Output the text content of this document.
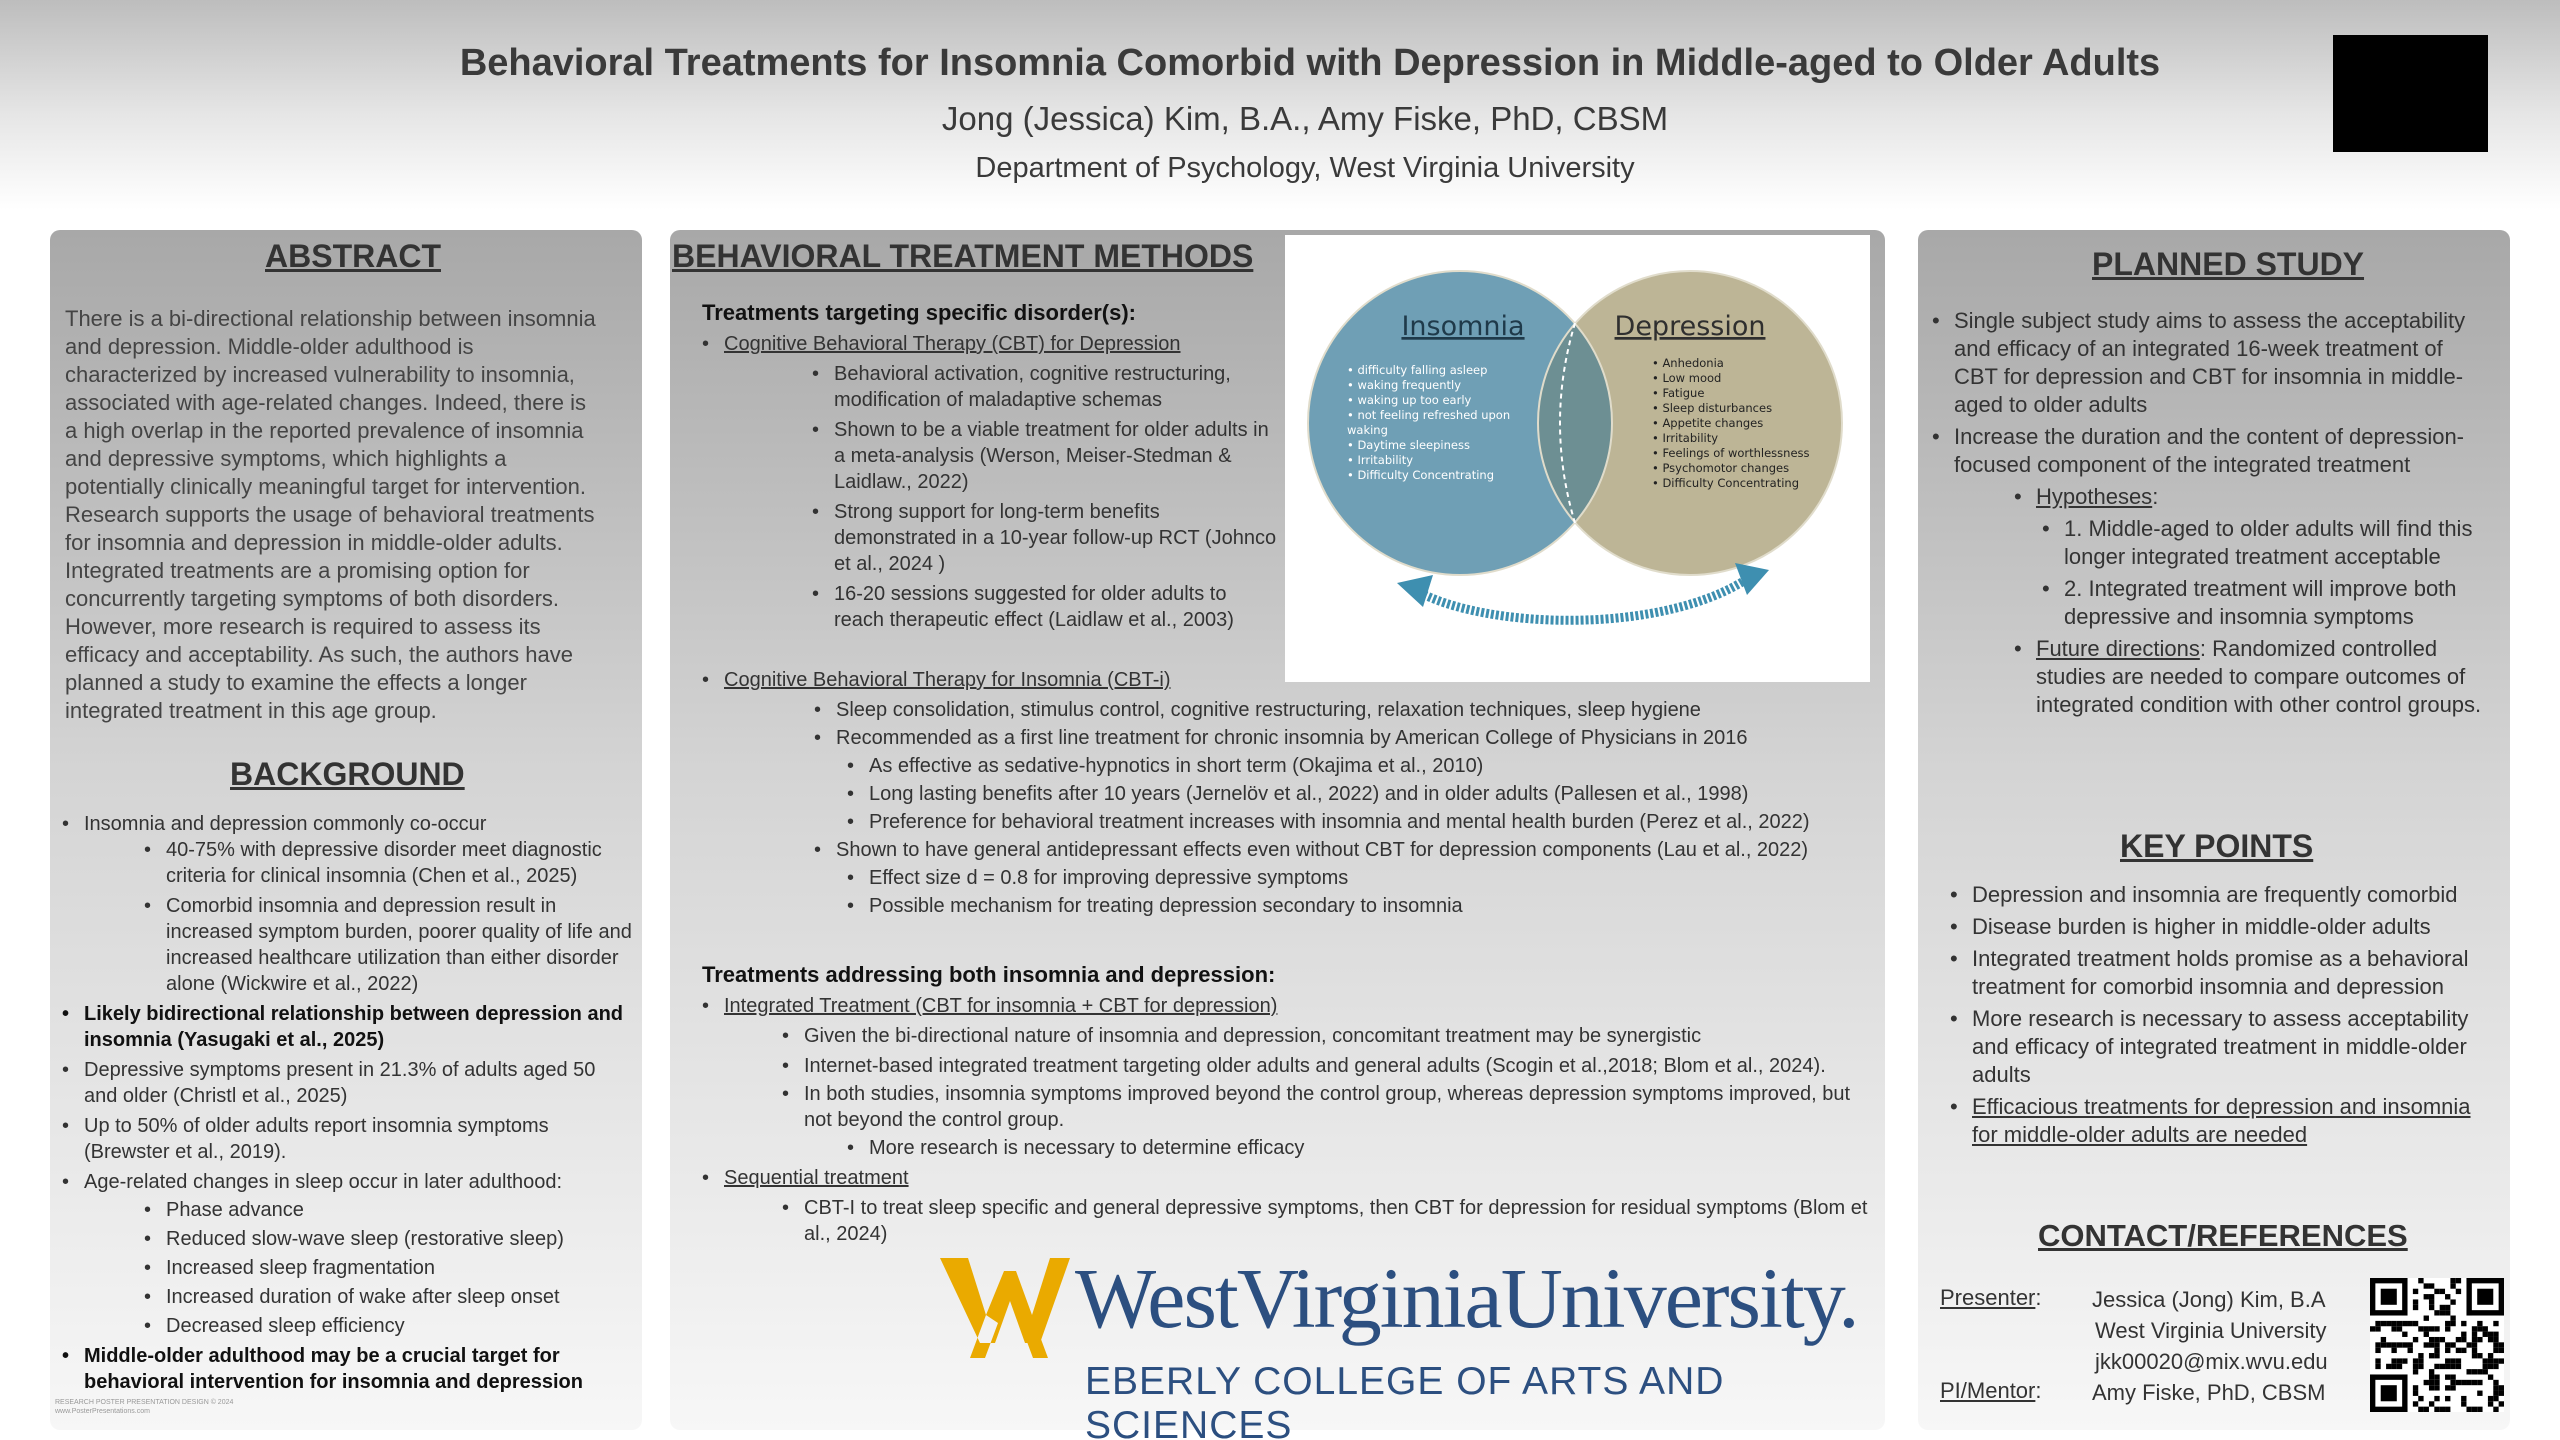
Behavioral Treatments for Insomnia Comorbid with Depression in Middle-aged to Older Adults
Jong (Jessica) Kim, B.A., Amy Fiske, PhD, CBSM
Department of Psychology, West Virginia University
ABSTRACT
There is a bi-directional relationship between insomnia
and depression. Middle-older adulthood is
characterized by increased vulnerability to insomnia,
associated with age-related changes. Indeed, there is
a high overlap in the reported prevalence of insomnia
and depressive symptoms, which highlights a
potentially clinically meaningful target for intervention.
Research supports the usage of behavioral treatments
for insomnia and depression in middle-older adults.
Integrated treatments are a promising option for
concurrently targeting symptoms of both disorders.
However, more research is required to assess its
efficacy and acceptability. As such, the authors have
planned a study to examine the effects a longer
integrated treatment in this age group.
BACKGROUND
• Insomnia and depression commonly co-occur
• 40-75% with depressive disorder meet diagnostic criteria for clinical insomnia (Chen et al., 2025)
• Comorbid insomnia and depression result in increased symptom burden, poorer quality of life and increased healthcare utilization than either disorder alone (Wickwire et al., 2022)
• Likely bidirectional relationship between depression and insomnia (Yasugaki et al., 2025)
• Depressive symptoms present in 21.3% of adults aged 50 and older (Christl et al., 2025)
• Up to 50% of older adults report insomnia symptoms (Brewster et al., 2019).
• Age-related changes in sleep occur in later adulthood:
• Phase advance
• Reduced slow-wave sleep (restorative sleep)
• Increased sleep fragmentation
• Increased duration of wake after sleep onset
• Decreased sleep efficiency
• Middle-older adulthood may be a crucial target for behavioral intervention for insomnia and depression
BEHAVIORAL TREATMENT METHODS
Treatments targeting specific disorder(s):
• Cognitive Behavioral Therapy (CBT) for Depression
• Behavioral activation, cognitive restructuring, modification of maladaptive schemas
• Shown to be a viable treatment for older adults in a meta-analysis (Werson, Meiser-Stedman & Laidlaw., 2022)
• Strong support for long-term benefits demonstrated in a 10-year follow-up RCT (Johnco et al., 2024 )
• 16-20 sessions suggested for older adults to reach therapeutic effect (Laidlaw et al., 2003)
• Cognitive Behavioral Therapy for Insomnia (CBT-i)
• Sleep consolidation, stimulus control, cognitive restructuring, relaxation techniques, sleep hygiene
• Recommended as a first line treatment for chronic insomnia by American College of Physicians in 2016
• As effective as sedative-hypnotics in short term (Okajima et al., 2010)
• Long lasting benefits after 10 years (Jernelöv et al., 2022) and in older adults (Pallesen et al., 1998)
• Preference for behavioral treatment increases with insomnia and mental health burden (Perez et al., 2022)
• Shown to have general antidepressant effects even without CBT for depression components (Lau et al., 2022)
• Effect size d = 0.8 for improving depressive symptoms
• Possible mechanism for treating depression secondary to insomnia
Treatments addressing both insomnia and depression:
• Integrated Treatment (CBT for insomnia + CBT for depression)
• Given the bi-directional nature of insomnia and depression, concomitant treatment may be synergistic
• Internet-based integrated treatment targeting older adults and general adults (Scogin et al.,2018; Blom et al., 2024).
• In both studies, insomnia symptoms improved beyond the control group, whereas depression symptoms improved, but not beyond the control group.
• More research is necessary to determine efficacy
• Sequential treatment
• CBT-I to treat sleep specific and general depressive symptoms, then CBT for depression for residual symptoms (Blom et al., 2024)
Insomnia	Depression
• difficulty falling asleep
• waking frequently
• waking up too early
• not feeling refreshed upon
waking
• Daytime sleepiness
• Irritability
• Difficulty Concentrating
• Anhedonia
• Low mood
• Fatigue
• Sleep disturbances
• Appetite changes
• Irritability
• Feelings of worthlessness
• Psychomotor changes
• Difficulty Concentrating
PLANNED STUDY
• Single subject study aims to assess the acceptability and efficacy of an integrated 16-week treatment of CBT for depression and CBT for insomnia in middle-aged to older adults
• Increase the duration and the content of depression-focused component of the integrated treatment
• Hypotheses:
• 1. Middle-aged to older adults will find this longer integrated treatment acceptable
• 2. Integrated treatment will improve both depressive and insomnia symptoms
• Future directions: Randomized controlled studies are needed to compare outcomes of integrated condition with other control groups.
KEY POINTS
• Depression and insomnia are frequently comorbid
• Disease burden is higher in middle-older adults
• Integrated treatment holds promise as a behavioral treatment for comorbid insomnia and depression
• More research is necessary to assess acceptability and efficacy of integrated treatment in middle-older adults
• Efficacious treatments for depression and insomnia for middle-older adults are needed
CONTACT/REFERENCES
Presenter: Jessica (Jong) Kim, B.A
West Virginia University
jkk00020@mix.wvu.edu
Amy Fiske, PhD, CBSM
PI/Mentor:
WestVirginiaUniversity.
EBERLY COLLEGE OF ARTS AND SCIENCES
RESEARCH POSTER PRESENTATION DESIGN © 2024
www.PosterPresentations.com
